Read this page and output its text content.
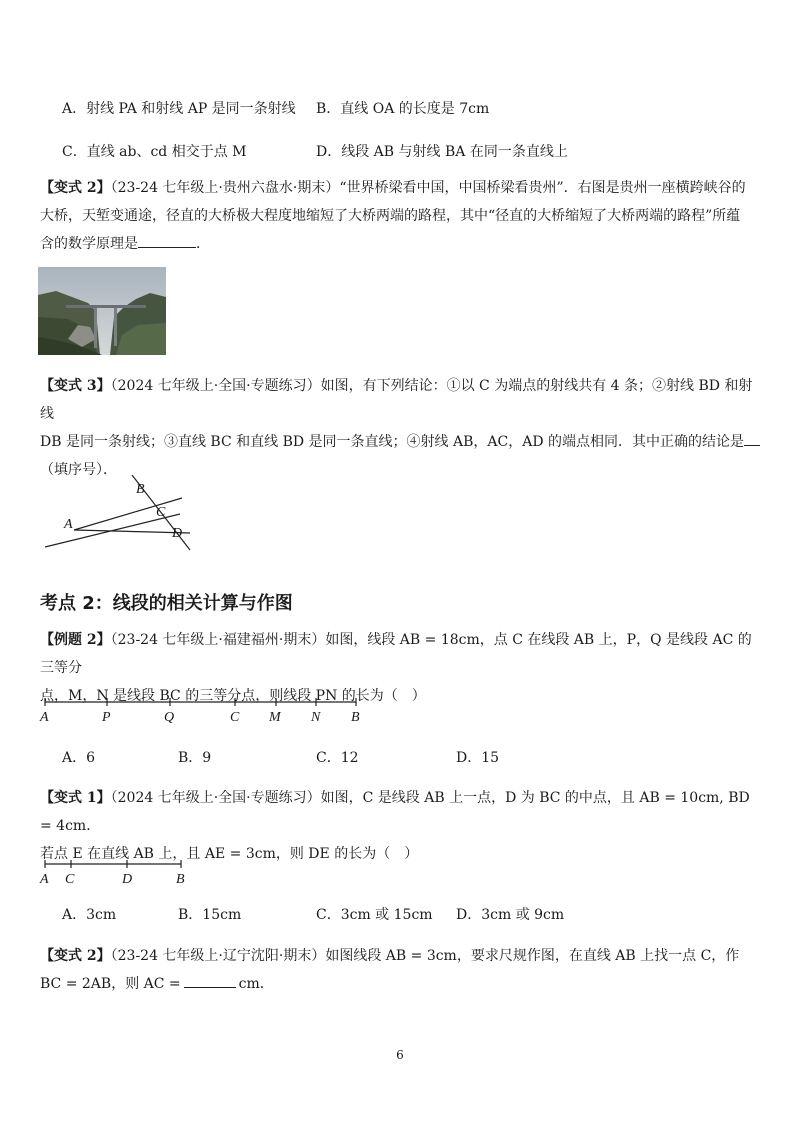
A．射线 PA 和射线 AP 是同一条射线 B．直线 OA 的长度是 7cm
C．直线 ab、cd 相交于点 M	D．线段 AB 与射线 BA 在同一条直线上
【变式 2】（23-24 七年级上·贵州六盘水·期末）“世界桥梁看中国，中国桥梁看贵州”．右图是贵州一座横跨峡谷的
大桥，天堑变通途，径直的大桥极大程度地缩短了大桥两端的路程，其中“径直的大桥缩短了大桥两端的路程”所蕴
含的数学原理是	．
【变式 3】（2024 七年级上·全国·专题练习）如图，有下列结论：①以 C 为端点的射线共有 4 条；②射线 BD 和射线
DB 是同一条射线；③直线 BC 和直线 BD 是同一条直线；④射线 AB，AC，AD 的端点相同．其中正确的结论是
（填序号）．
A
B
C
D
考点 2：线段的相关计算与作图
【例题 2】（23-24 七年级上·福建福州·期末）如图，线段 AB = 18cm，点 C 在线段 AB 上，P，Q 是线段 AC 的三等分
点，M，N 是线段 BC 的三等分点，则线段 PN 的长为（　）
A	P	Q	C M N B
A．6	B．9	C．12	D．15
【变式 1】（2024 七年级上·全国·专题练习）如图，C 是线段 AB 上一点，D 为 BC 的中点，且 AB = 10cm, BD = 4cm．
若点 E 在直线 AB 上，且 AE = 3cm，则 DE 的长为（　）
A C	D	B
A．3cm	B．15cm	C．3cm 或 15cm D．3cm 或 9cm
【变式 2】（23-24 七年级上·辽宁沈阳·期末）如图线段 AB = 3cm，要求尺规作图，在直线 AB 上找一点 C，作
BC = 2AB，则 AC =	cm．
6
